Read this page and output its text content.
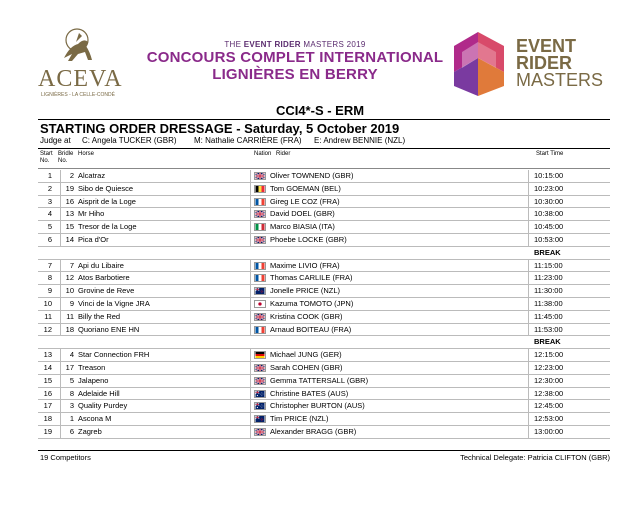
ACEVA
LIGNIÈRES - LA CELLE-CONDÉ
THE EVENT RIDER MASTERS 2019
CONCOURS COMPLET INTERNATIONAL
LIGNIÈRES EN BERRY
EVENT
RIDER
MASTERS
CCI4*-S - ERM
STARTING ORDER DRESSAGE - Saturday, 5 October 2019
Judge at C: Angela TUCKER (GBR) M: Nathalie CARRIÈRE (FRA) E: Andrew BENNIE (NZL)
Start
No.
Bridle
No.
Horse	Nation Rider	Start Time
1	2 Alcatraz	Oliver TOWNEND (GBR)	10:15:00
2 19 Sibo de Quiesce	Tom GOEMAN (BEL)	10:23:00
3 16 Aisprit de la Loge	Gireg LE COZ (FRA)	10:30:00
4 13 Mr Hiho	David DOEL (GBR)	10:38:00
5 15 Tresor de la Loge	Marco BIASIA (ITA)	10:45:00
6 14 Pica d'Or	Phoebe LOCKE (GBR)	10:53:00
BREAK
7	7 Api du Libaire	Maxime LIVIO (FRA)	11:15:00
8 12 Atos Barbotiere	Thomas CARLILE (FRA)	11:23:00
9 10 Grovine de Reve	Jonelle PRICE (NZL)	11:30:00
10	9 Vinci de la Vigne JRA	Kazuma TOMOTO (JPN)	11:38:00
11 11 Billy the Red	Kristina COOK (GBR)	11:45:00
12 18 Quoriano ENE HN	Arnaud BOITEAU (FRA)	11:53:00
BREAK
13	4 Star Connection FRH	Michael JUNG (GER)	12:15:00
14 17 Treason	Sarah COHEN (GBR)	12:23:00
15	5 Jalapeno	Gemma TATTERSALL (GBR)	12:30:00
16	8 Adelaide Hill	Christine BATES (AUS)	12:38:00
17	3 Quality Purdey	Christopher BURTON (AUS)	12:45:00
18	1 Ascona M	Tim PRICE (NZL)	12:53:00
19	6 Zagreb	Alexander BRAGG (GBR)	13:00:00
19 Competitors	Technical Delegate: Patricia CLIFTON (GBR)
